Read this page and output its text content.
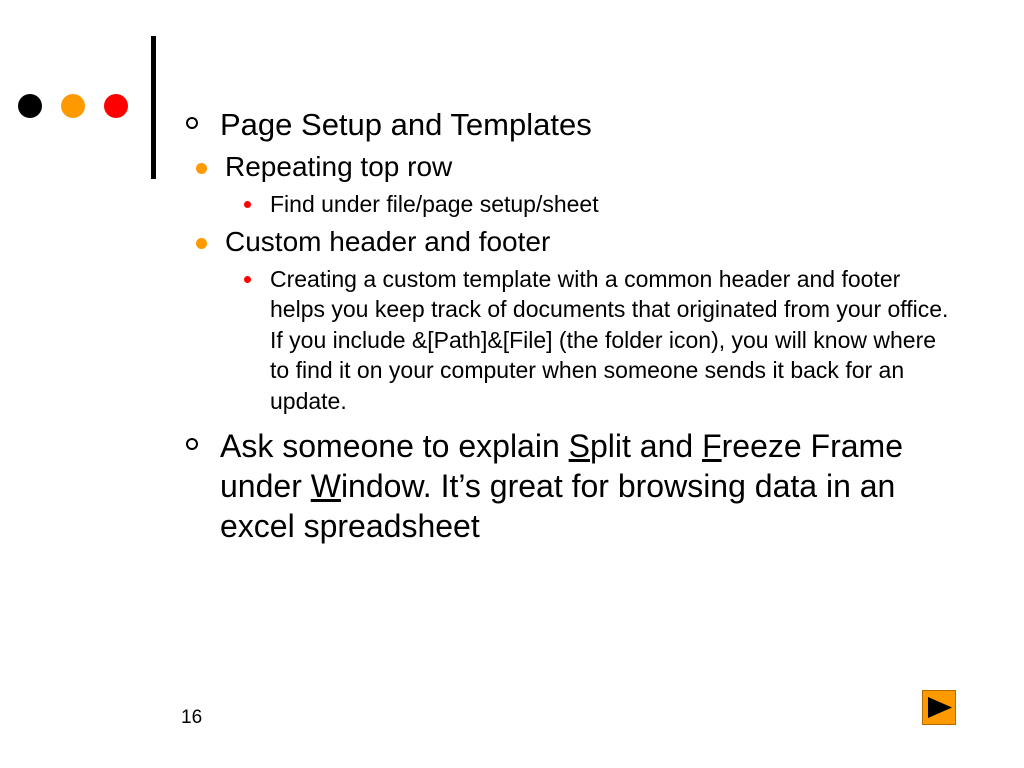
Page Setup and Templates
Repeating top row
Find under file/page setup/sheet
Custom header and footer
Creating a custom template with a common header and footer helps you keep track of documents that originated from your office. If you include &[Path]&[File] (the folder icon), you will know where to find it on your computer when someone sends it back for an update.
Ask someone to explain Split and Freeze Frame under Window. It’s great for browsing data in an excel spreadsheet
16
